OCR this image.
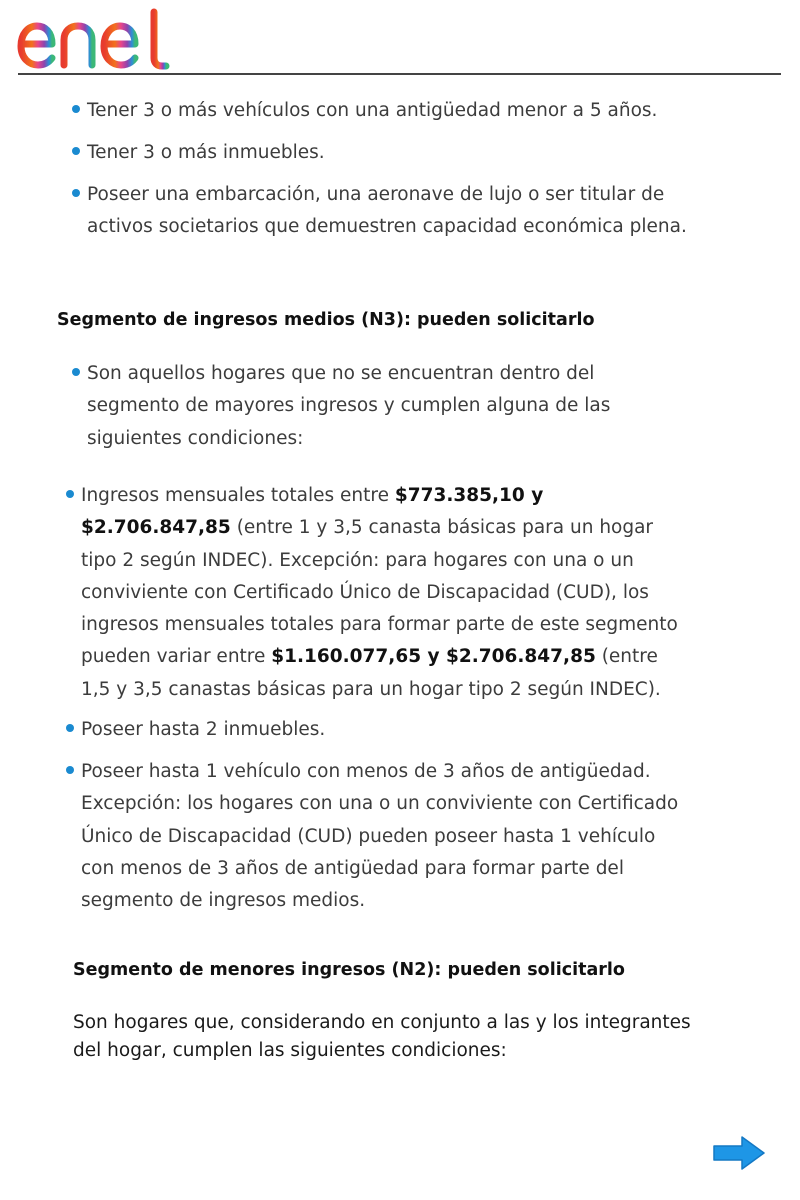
Tener 3 o más vehículos con una antigüedad menor a 5 años.
Tener 3 o más inmuebles.
Poseer una embarcación, una aeronave de lujo o ser titular de activos societarios que demuestren capacidad económica plena.
Segmento de ingresos medios (N3): pueden solicitarlo
Son aquellos hogares que no se encuentran dentro del segmento de mayores ingresos y cumplen alguna de las siguientes condiciones:
Ingresos mensuales totales entre $773.385,10 y $2.706.847,85 (entre 1 y 3,5 canasta básicas para un hogar tipo 2 según INDEC). Excepción: para hogares con una o un conviviente con Certificado Único de Discapacidad (CUD), los ingresos mensuales totales para formar parte de este segmento pueden variar entre $1.160.077,65 y $2.706.847,85 (entre 1,5 y 3,5 canastas básicas para un hogar tipo 2 según INDEC).
Poseer hasta 2 inmuebles.
Poseer hasta 1 vehículo con menos de 3 años de antigüedad. Excepción: los hogares con una o un conviviente con Certificado Único de Discapacidad (CUD) pueden poseer hasta 1 vehículo con menos de 3 años de antigüedad para formar parte del segmento de ingresos medios.
Segmento de menores ingresos (N2): pueden solicitarlo
Son hogares que, considerando en conjunto a las y los integrantes del hogar, cumplen las siguientes condiciones:
